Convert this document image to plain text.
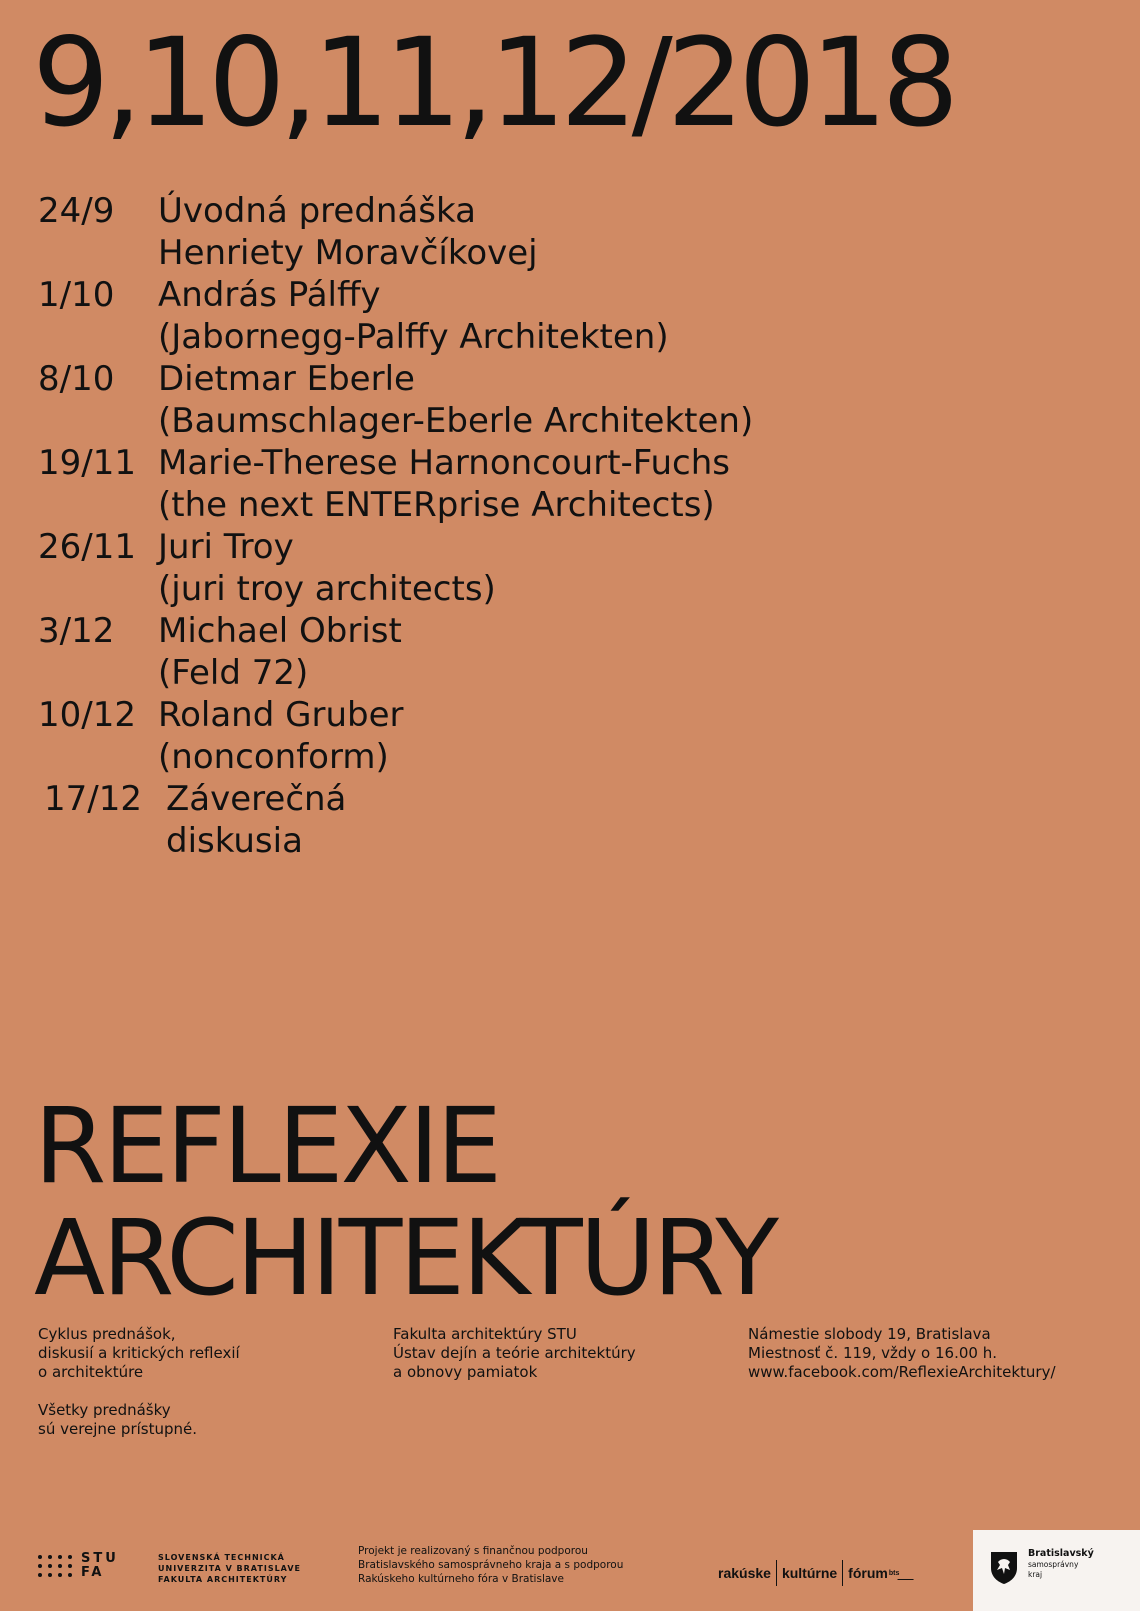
9,10,11,12/2018
24/9	Úvodná prednáška
Henriety Moravčíkovej
1/10	András Pálffy
(Jabornegg-Palffy Architekten)
8/10	Dietmar Eberle
(Baumschlager-Eberle Architekten)
19/11 Marie-Therese Harnoncourt-Fuchs
(the next ENTERprise Architects)
26/11 Juri Troy
(juri troy architects)
3/12	Michael Obrist
(Feld 72)
10/12 Roland Gruber
(nonconform)
17/12 Záverečná
diskusia
REFLEXIE
ARCHITEKTÚRY
Cyklus prednášok,
diskusií a kritických reflexií
o architektúre
Všetky prednášky
sú verejne prístupné.
Fakulta architektúry STU
Ústav dejín a teórie architektúry
a obnovy pamiatok
Námestie slobody 19, Bratislava
Miestnosť č. 119, vždy o 16.00 h.
www.facebook.com/ReflexieArchitektury/
STU
FA
SLOVENSKÁ TECHNICKÁ
UNIVERZITA V BRATISLAVE
FAKULTA ARCHITEKTÚRY
Projekt je realizovaný s finančnou podporou
Bratislavského samosprávneho kraja a s podporou
Rakúskeho kultúrneho fóra v Bratislave	rakúske kultúrne fórum bts
Bratislavský
samosprávny
kraj
